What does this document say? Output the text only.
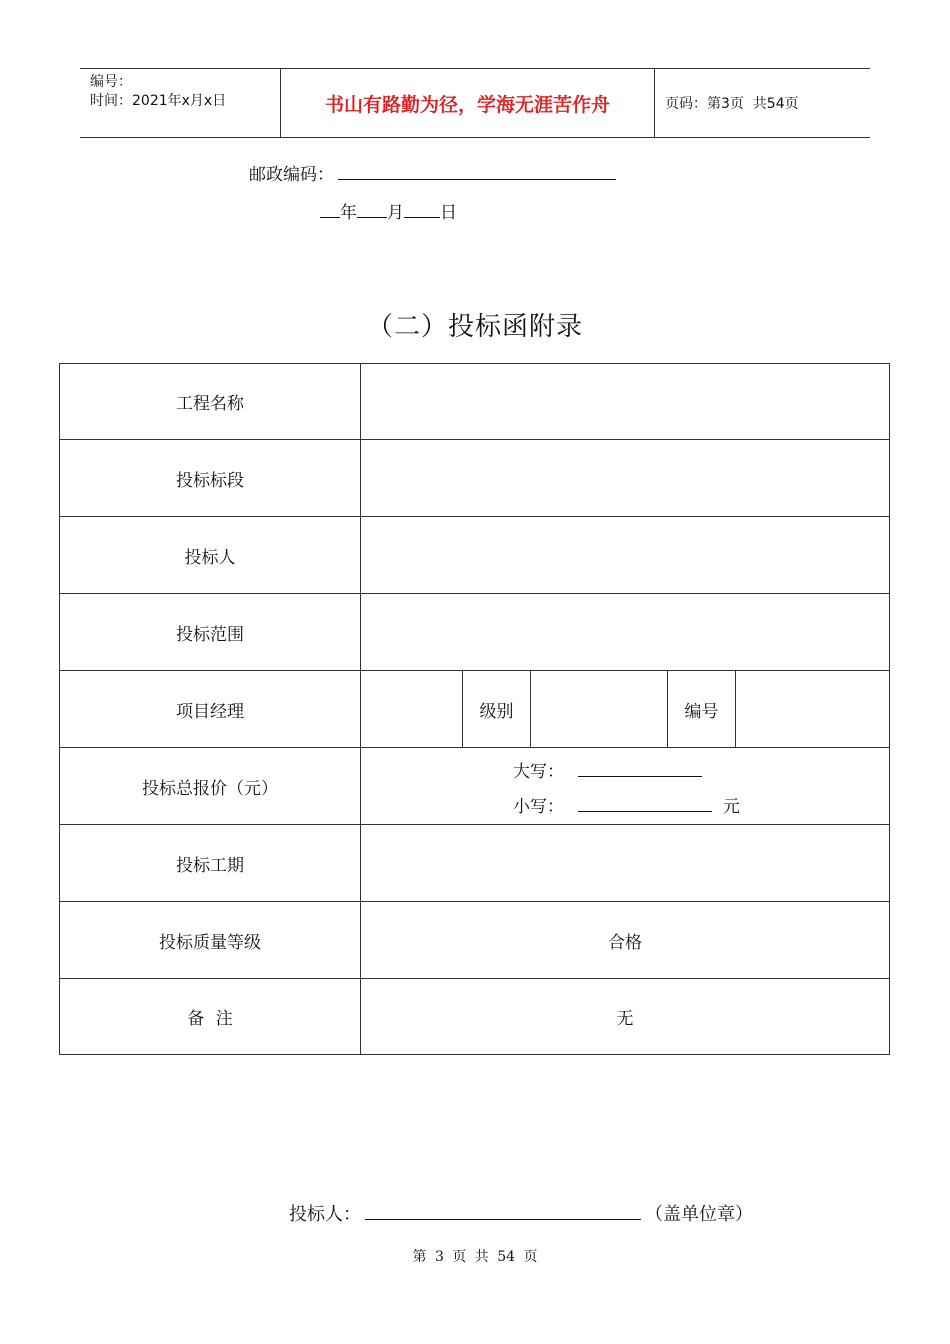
编号：
时间：2021年x月x日	书山有路勤为径，学海无涯苦作舟	页码：第3页  共54页
邮政编码：
年 月 日
（二）投标函附录
工程名称
投标标段
投标人
投标范围
项目经理	级别	编号
投标总报价（元）
大写：
小写：	元
投标工期
投标质量等级	合格
备 注	无
投标人：	（盖单位章）
第 3 页 共 54 页
